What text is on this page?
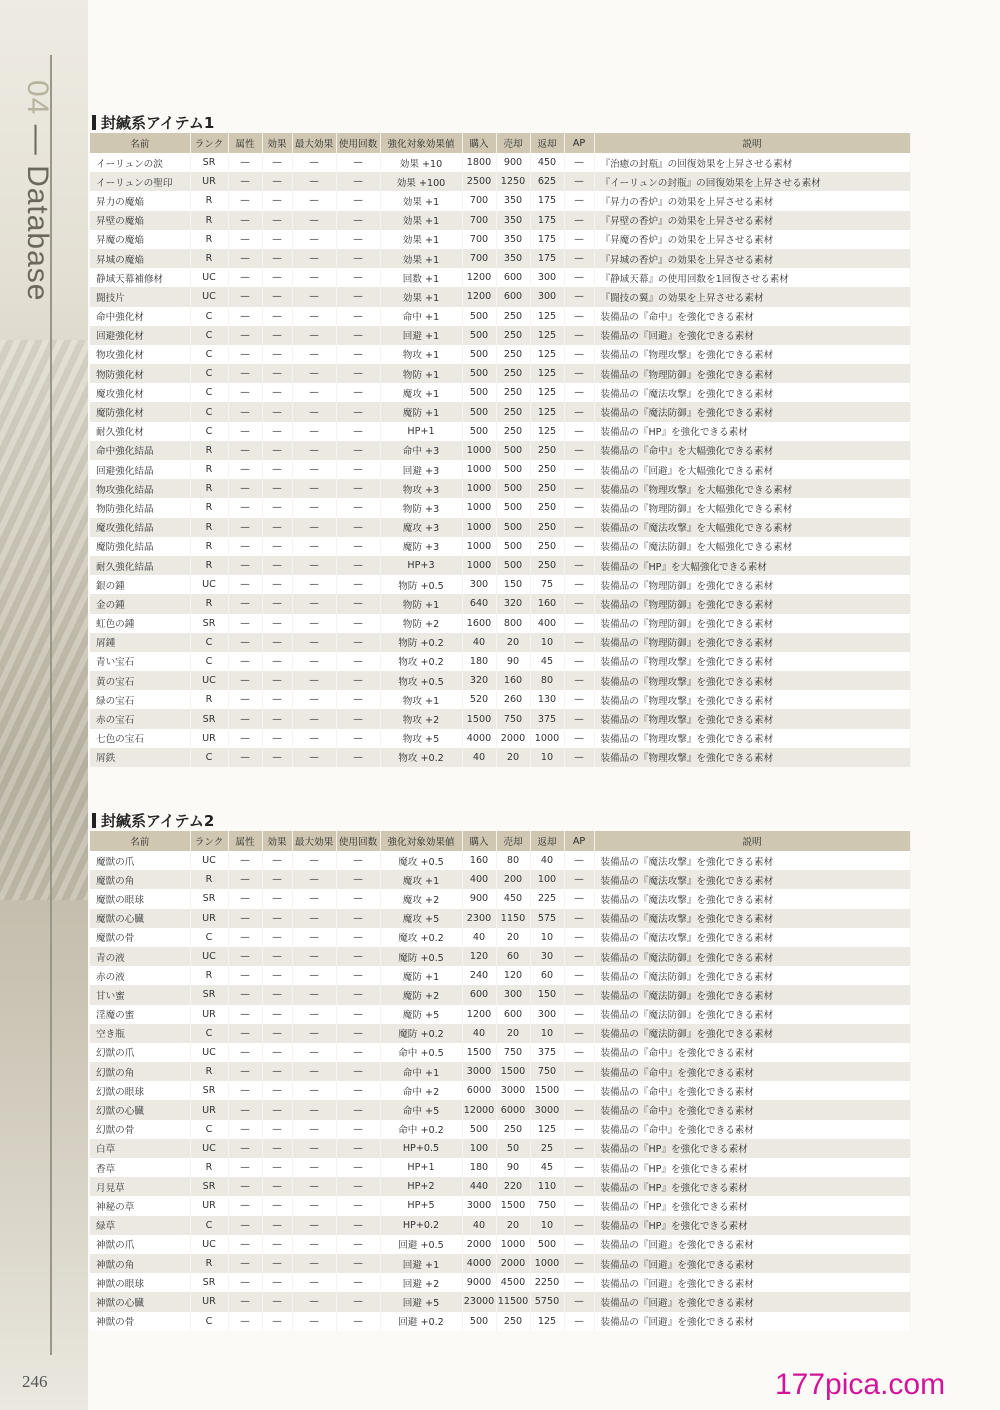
04 — Database
封緘系アイテム1
名前	ランク	属性	効果	最大効果	使用回数	強化対象効果値	購入	売却	返却	AP	説明
イーリュンの涙	SR	—	—	—	—	効果 +10	1800	900	450	—	『治癒の封瓶』の回復効果を上昇させる素材
イーリュンの聖印	UR	—	—	—	—	効果 +100	2500	1250	625	—	『イーリュンの封瓶』の回復効果を上昇させる素材
昇力の魔焔	R	—	—	—	—	効果 +1	700	350	175	—	『昇力の香炉』の効果を上昇させる素材
昇壁の魔焔	R	—	—	—	—	効果 +1	700	350	175	—	『昇壁の香炉』の効果を上昇させる素材
昇魔の魔焔	R	—	—	—	—	効果 +1	700	350	175	—	『昇魔の香炉』の効果を上昇させる素材
昇城の魔焔	R	—	—	—	—	効果 +1	700	350	175	—	『昇城の香炉』の効果を上昇させる素材
静域天幕補修材	UC	—	—	—	—	回数 +1	1200	600	300	—	『静域天幕』の使用回数を1回復させる素材
闘技片	UC	—	—	—	—	効果 +1	1200	600	300	—	『闘技の翼』の効果を上昇させる素材
命中強化材	C	—	—	—	—	命中 +1	500	250	125	—	装備品の『命中』を強化できる素材
回避強化材	C	—	—	—	—	回避 +1	500	250	125	—	装備品の『回避』を強化できる素材
物攻強化材	C	—	—	—	—	物攻 +1	500	250	125	—	装備品の『物理攻撃』を強化できる素材
物防強化材	C	—	—	—	—	物防 +1	500	250	125	—	装備品の『物理防御』を強化できる素材
魔攻強化材	C	—	—	—	—	魔攻 +1	500	250	125	—	装備品の『魔法攻撃』を強化できる素材
魔防強化材	C	—	—	—	—	魔防 +1	500	250	125	—	装備品の『魔法防御』を強化できる素材
耐久強化材	C	—	—	—	—	HP+1	500	250	125	—	装備品の『HP』を強化できる素材
命中強化結晶	R	—	—	—	—	命中 +3	1000	500	250	—	装備品の『命中』を大幅強化できる素材
回避強化結晶	R	—	—	—	—	回避 +3	1000	500	250	—	装備品の『回避』を大幅強化できる素材
物攻強化結晶	R	—	—	—	—	物攻 +3	1000	500	250	—	装備品の『物理攻撃』を大幅強化できる素材
物防強化結晶	R	—	—	—	—	物防 +3	1000	500	250	—	装備品の『物理防御』を大幅強化できる素材
魔攻強化結晶	R	—	—	—	—	魔攻 +3	1000	500	250	—	装備品の『魔法攻撃』を大幅強化できる素材
魔防強化結晶	R	—	—	—	—	魔防 +3	1000	500	250	—	装備品の『魔法防御』を大幅強化できる素材
耐久強化結晶	R	—	—	—	—	HP+3	1000	500	250	—	装備品の『HP』を大幅強化できる素材
銀の鍾	UC	—	—	—	—	物防 +0.5	300	150	75	—	装備品の『物理防御』を強化できる素材
金の鍾	R	—	—	—	—	物防 +1	640	320	160	—	装備品の『物理防御』を強化できる素材
虹色の鍾	SR	—	—	—	—	物防 +2	1600	800	400	—	装備品の『物理防御』を強化できる素材
屑鍾	C	—	—	—	—	物防 +0.2	40	20	10	—	装備品の『物理防御』を強化できる素材
青い宝石	C	—	—	—	—	物攻 +0.2	180	90	45	—	装備品の『物理攻撃』を強化できる素材
黄の宝石	UC	—	—	—	—	物攻 +0.5	320	160	80	—	装備品の『物理攻撃』を強化できる素材
緑の宝石	R	—	—	—	—	物攻 +1	520	260	130	—	装備品の『物理攻撃』を強化できる素材
赤の宝石	SR	—	—	—	—	物攻 +2	1500	750	375	—	装備品の『物理攻撃』を強化できる素材
七色の宝石	UR	—	—	—	—	物攻 +5	4000	2000	1000	—	装備品の『物理攻撃』を強化できる素材
屑鉄	C	—	—	—	—	物攻 +0.2	40	20	10	—	装備品の『物理攻撃』を強化できる素材
封緘系アイテム2
名前	ランク	属性	効果	最大効果	使用回数	強化対象効果値	購入	売却	返却	AP	説明
魔獣の爪	UC	—	—	—	—	魔攻 +0.5	160	80	40	—	装備品の『魔法攻撃』を強化できる素材
魔獣の角	R	—	—	—	—	魔攻 +1	400	200	100	—	装備品の『魔法攻撃』を強化できる素材
魔獣の眼球	SR	—	—	—	—	魔攻 +2	900	450	225	—	装備品の『魔法攻撃』を強化できる素材
魔獣の心臓	UR	—	—	—	—	魔攻 +5	2300	1150	575	—	装備品の『魔法攻撃』を強化できる素材
魔獣の骨	C	—	—	—	—	魔攻 +0.2	40	20	10	—	装備品の『魔法攻撃』を強化できる素材
青の液	UC	—	—	—	—	魔防 +0.5	120	60	30	—	装備品の『魔法防御』を強化できる素材
赤の液	R	—	—	—	—	魔防 +1	240	120	60	—	装備品の『魔法防御』を強化できる素材
甘い蜜	SR	—	—	—	—	魔防 +2	600	300	150	—	装備品の『魔法防御』を強化できる素材
淫魔の蜜	UR	—	—	—	—	魔防 +5	1200	600	300	—	装備品の『魔法防御』を強化できる素材
空き瓶	C	—	—	—	—	魔防 +0.2	40	20	10	—	装備品の『魔法防御』を強化できる素材
幻獣の爪	UC	—	—	—	—	命中 +0.5	1500	750	375	—	装備品の『命中』を強化できる素材
幻獣の角	R	—	—	—	—	命中 +1	3000	1500	750	—	装備品の『命中』を強化できる素材
幻獣の眼球	SR	—	—	—	—	命中 +2	6000	3000	1500	—	装備品の『命中』を強化できる素材
幻獣の心臓	UR	—	—	—	—	命中 +5	12000	6000	3000	—	装備品の『命中』を強化できる素材
幻獣の骨	C	—	—	—	—	命中 +0.2	500	250	125	—	装備品の『命中』を強化できる素材
白草	UC	—	—	—	—	HP+0.5	100	50	25	—	装備品の『HP』を強化できる素材
香草	R	—	—	—	—	HP+1	180	90	45	—	装備品の『HP』を強化できる素材
月見草	SR	—	—	—	—	HP+2	440	220	110	—	装備品の『HP』を強化できる素材
神秘の草	UR	—	—	—	—	HP+5	3000	1500	750	—	装備品の『HP』を強化できる素材
緑草	C	—	—	—	—	HP+0.2	40	20	10	—	装備品の『HP』を強化できる素材
神獣の爪	UC	—	—	—	—	回避 +0.5	2000	1000	500	—	装備品の『回避』を強化できる素材
神獣の角	R	—	—	—	—	回避 +1	4000	2000	1000	—	装備品の『回避』を強化できる素材
神獣の眼球	SR	—	—	—	—	回避 +2	9000	4500	2250	—	装備品の『回避』を強化できる素材
神獣の心臓	UR	—	—	—	—	回避 +5	23000	11500	5750	—	装備品の『回避』を強化できる素材
神獣の骨	C	—	—	—	—	回避 +0.2	500	250	125	—	装備品の『回避』を強化できる素材
246	177pica.com
